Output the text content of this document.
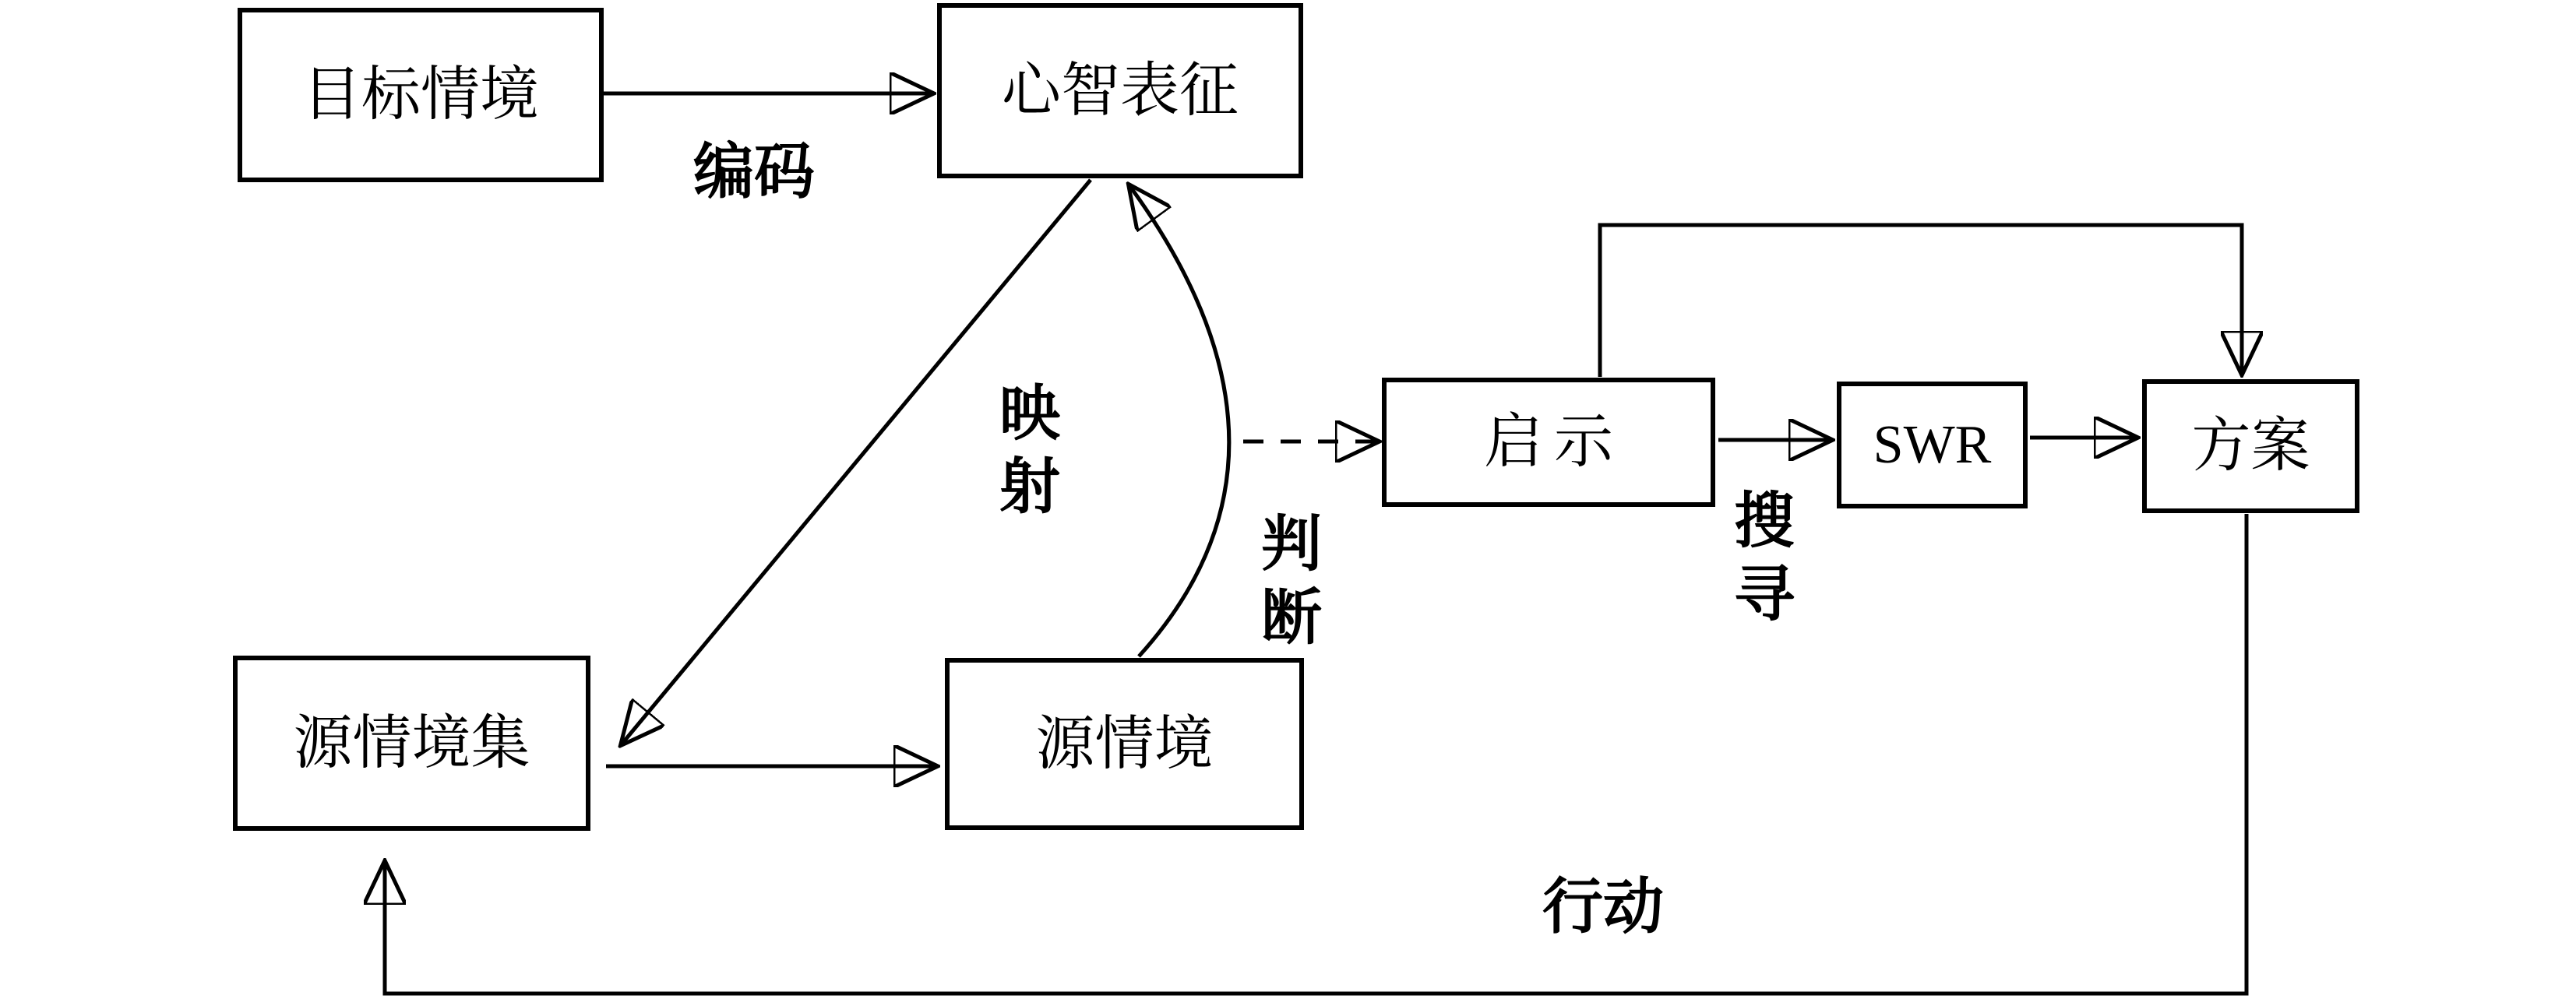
目标情境	心智表征
源情境集	源情境
启示	SWR	方案
编码
映射
判断
搜寻
行动
